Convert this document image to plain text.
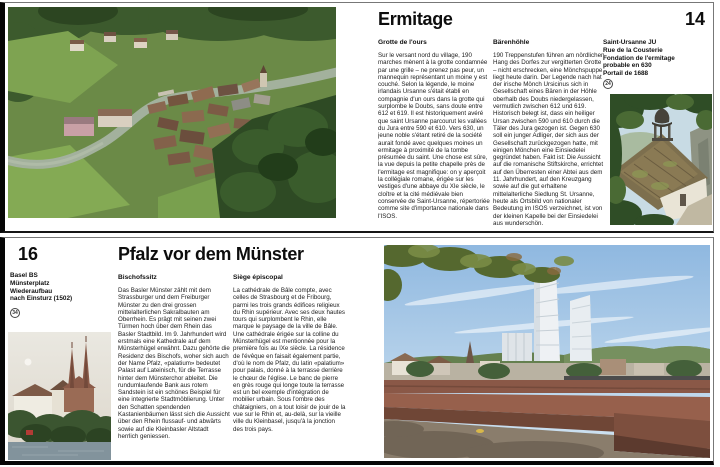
Ermitage	14
Grotte de l'ours
Sur le versant nord du village, 190 marches mènent à la grotte condamnée par une grille – ne prenez pas peur, un mannequin représentant un moine y est couché. Selon la légende, le moine irlandais Ursanne s'était établi en compagnie d'un ours dans la grotte qui surplombe le Doubs, sans doute entre 612 et 619. Il est historiquement avéré que saint Ursanne parcourut les vallées du Jura entre 590 et 610. Vers 630, un jeune noble s'étant retiré de la société aurait fondé avec quelques moines un ermitage à proximité de la tombe présumée du saint. Une chose est sûre, la vue depuis la petite chapelle près de l'ermitage est magnifique: on y aperçoit la collégiale romane, érigée sur les vestiges d'une abbaye du XIe siècle, le cloître et la cité médiévale bien conservée de Saint-Ursanne, répertoriée comme site d'importance nationale dans l'ISOS.
Bärenhöhle
190 Treppenstufen führen am nördlichen Hang des Dorfes zur vergitterten Grotte – nicht erschrecken, eine Mönchspuppe liegt heute darin. Der Legende nach hat der irische Mönch Ursicinus sich in Gesellschaft eines Bären in der Höhle oberhalb des Doubs niedergelassen, vermutlich zwischen 612 und 619. Historisch belegt ist, dass ein heiliger Ursan zwischen 590 und 610 durch die Täler des Jura gezogen ist. Gegen 630 soll ein junger Adliger, der sich aus der Gesellschaft zurückgezogen hatte, mit einigen Mönchen eine Einsiedelei gegründet haben. Fakt ist: Die Aussicht auf die romanische Stiftskirche, errichtet auf den Überresten einer Abtei aus dem 11. Jahrhundert, auf den Kreuzgang sowie auf die gut erhaltene mittelalterliche Siedlung St. Ursanne, heute als Ortsbild von nationaler Bedeutung im ISOS verzeichnet, ist von der kleinen Kapelle bei der Einsiedelei aus wunderschön.
Saint-Ursanne JU
Rue de la Cousterie
Fondation de l'ermitage
probable en 630
Portail de 1688
24
16	Pfalz vor dem Münster
Basel BS
Münsterplatz
Wiederaufbau
nach Einsturz (1502)
34
Bischofssitz
Das Basler Münster zählt mit dem Strassburger und dem Freiburger Münster zu den drei grossen mittelalterlichen Sakralbauten am Oberrhein. Es prägt mit seinen zwei Türmen hoch über dem Rhein das Basler Stadtbild. Im 9. Jahrhundert wird erstmals eine Kathedrale auf dem Münsterhügel erwähnt. Dazu gehörte die Residenz des Bischofs, woher sich auch der Name Pfalz, «palatium» bedeutet Palast auf Lateinisch, für die Terrasse hinter dem Münsterchor ableitet. Die rundumlaufende Bank aus rotem Sandstein ist ein schönes Beispiel für eine integrierte Stadtmöblierung. Unter den Schatten spendenden Kastanienbäumen lässt sich die Aussicht über den Rhein flussauf- und abwärts sowie auf die Kleinbasler Altstadt herrlich geniessen.
Siège épiscopal
La cathédrale de Bâle compte, avec celles de Strasbourg et de Fribourg, parmi les trois grands édifices religieux du Rhin supérieur. Avec ses deux hautes tours qui surplombent le Rhin, elle marque le paysage de la ville de Bâle. Une cathédrale érigée sur la colline du Münsterhügel est mentionnée pour la première fois au IXe siècle. La résidence de l'évêque en faisait également partie, d'où le nom de Pfalz, du latin «palatium» pour palais, donné à la terrasse derrière le chœur de l'église. Le banc de pierre en grès rouge qui longe toute la terrasse est un bel exemple d'intégration de mobilier urbain. Sous l'ombre des châtaigniers, on a tout loisir de jouir de la vue sur le Rhin et, au-delà, sur la vieille ville du Kleinbasel, jusqu'à la jonction des trois pays.
